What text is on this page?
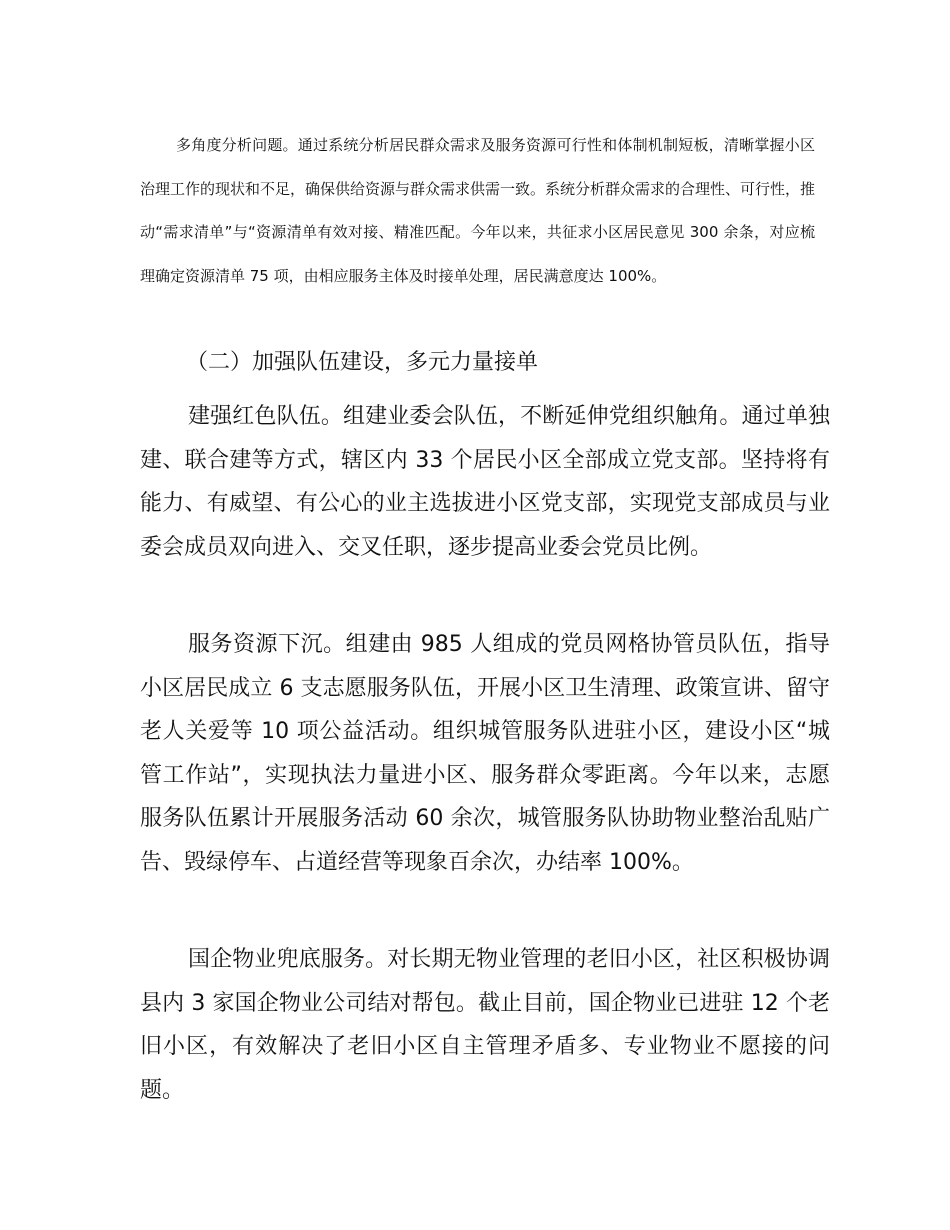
多角度分析问题。通过系统分析居民群众需求及服务资源可行性和体制机制短板，清晰掌握小区治理工作的现状和不足，确保供给资源与群众需求供需一致。系统分析群众需求的合理性、可行性，推动“需求清单”与“资源清单有效对接、精准匹配。今年以来，共征求小区居民意见 300 余条，对应梳理确定资源清单 75 项，由相应服务主体及时接单处理，居民满意度达 100%。

（二）加强队伍建设，多元力量接单

建强红色队伍。组建业委会队伍，不断延伸党组织触角。通过单独建、联合建等方式，辖区内 33 个居民小区全部成立党支部。坚持将有能力、有威望、有公心的业主选拔进小区党支部，实现党支部成员与业委会成员双向进入、交叉任职，逐步提高业委会党员比例。

服务资源下沉。组建由 985 人组成的党员网格协管员队伍，指导小区居民成立 6 支志愿服务队伍，开展小区卫生清理、政策宣讲、留守老人关爱等 10 项公益活动。组织城管服务队进驻小区，建设小区“城管工作站”，实现执法力量进小区、服务群众零距离。今年以来，志愿服务队伍累计开展服务活动 60 余次，城管服务队协助物业整治乱贴广告、毁绿停车、占道经营等现象百余次，办结率 100%。

国企物业兜底服务。对长期无物业管理的老旧小区，社区积极协调县内 3 家国企物业公司结对帮包。截止目前，国企物业已进驻 12 个老旧小区，有效解决了老旧小区自主管理矛盾多、专业物业不愿接的问题。
